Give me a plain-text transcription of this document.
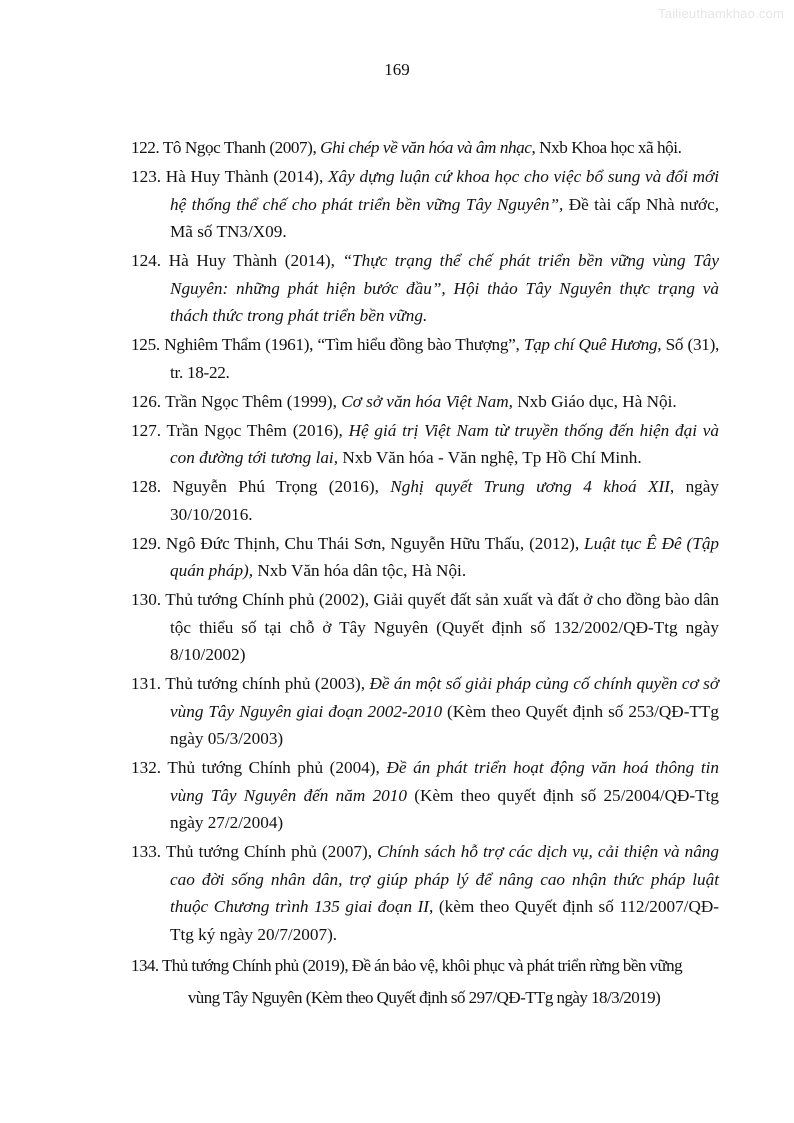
Tailieuthamkhao.com
169
122. Tô Ngọc Thanh (2007), Ghi chép về văn hóa và âm nhạc, Nxb Khoa học xã hội.
123. Hà Huy Thành (2014), Xây dựng luận cứ khoa học cho việc bổ sung và đổi mới hệ thống thể chế cho phát triển bền vững Tây Nguyên”, Đề tài cấp Nhà nước, Mã số TN3/X09.
124. Hà Huy Thành (2014), “Thực trạng thể chế phát triển bền vững vùng Tây Nguyên: những phát hiện bước đầu”, Hội thảo Tây Nguyên thực trạng và thách thức trong phát triển bền vững.
125. Nghiêm Thẩm (1961), “Tìm hiểu đồng bào Thượng”, Tạp chí Quê Hương, Số (31), tr. 18-22.
126. Trần Ngọc Thêm (1999), Cơ sở văn hóa Việt Nam, Nxb Giáo dục, Hà Nội.
127. Trần Ngọc Thêm (2016), Hệ giá trị Việt Nam từ truyền thống đến hiện đại và con đường tới tương lai, Nxb Văn hóa - Văn nghệ, Tp Hồ Chí Minh.
128. Nguyễn Phú Trọng (2016), Nghị quyết Trung ương 4 khoá XII, ngày 30/10/2016.
129. Ngô Đức Thịnh, Chu Thái Sơn, Nguyễn Hữu Thấu, (2012), Luật tục Ê Đê (Tập quán pháp), Nxb Văn hóa dân tộc, Hà Nội.
130. Thủ tướng Chính phủ (2002), Giải quyết đất sản xuất và đất ở cho đồng bào dân tộc thiểu số tại chỗ ở Tây Nguyên (Quyết định số 132/2002/QĐ-Ttg ngày 8/10/2002)
131. Thủ tướng chính phủ (2003), Đề án một số giải pháp củng cố chính quyền cơ sở vùng Tây Nguyên giai đoạn 2002-2010 (Kèm theo Quyết định số 253/QĐ-TTg ngày 05/3/2003)
132. Thủ tướng Chính phủ (2004), Đề án phát triển hoạt động văn hoá thông tin vùng Tây Nguyên đến năm 2010 (Kèm theo quyết định số 25/2004/QĐ-Ttg ngày 27/2/2004)
133. Thủ tướng Chính phủ (2007), Chính sách hỗ trợ các dịch vụ, cải thiện và nâng cao đời sống nhân dân, trợ giúp pháp lý để nâng cao nhận thức pháp luật thuộc Chương trình 135 giai đoạn II, (kèm theo Quyết định số 112/2007/QĐ-Ttg ký ngày 20/7/2007).
134. Thủ tướng Chính phủ (2019), Đề án bảo vệ, khôi phục và phát triển rừng bền vững
vùng Tây Nguyên (Kèm theo Quyết định số 297/QĐ-TTg ngày 18/3/2019)
